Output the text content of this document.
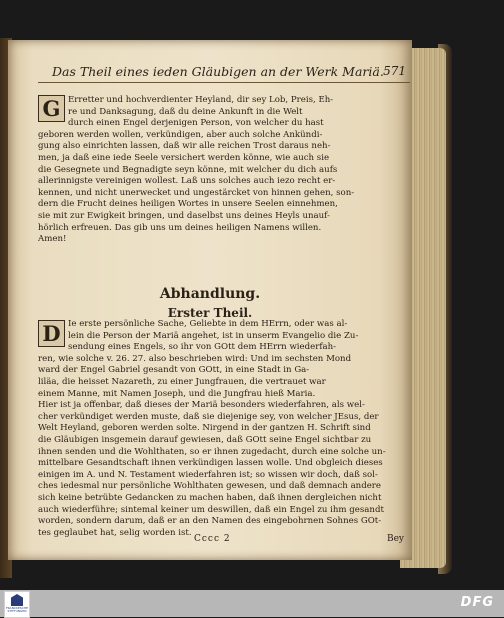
Das Theil eines ieden Gläubigen an der Werk Mariä. 571
G Erretter und hochverdienter Heyland, dir sey Lob, Preis, Eh-
re und Danksagung, daß du deine Ankunft in die Welt
durch einen Engel derjenigen Person, von welcher du hast
geboren werden wollen, verkündigen, aber auch solche Ankündi-
gung also einrichten lassen, daß wir alle reichen Trost daraus neh-
men, ja daß eine iede Seele versichert werden könne, wie auch sie
die Gesegnete und Begnadigte seyn könne, mit welcher du dich aufs
allerinnigste vereinigen wollest. Laß uns solches auch iezo recht er-
kennen, und nicht unerwecket und ungestärcket von hinnen gehen, son-
dern die Frucht deines heiligen Wortes in unsere Seelen einnehmen,
sie mit zur Ewigkeit bringen, und daselbst uns deines Heyls unauf-
hörlich erfreuen. Das gib uns um deines heiligen Namens willen.
Amen!
Abhandlung.
Erster Theil.
D Ie erste persönliche Sache, Geliebte in dem HErrn, oder was al-
lein die Person der Mariä angehet, ist in unserm Evangelio die Zu-
sendung eines Engels, so ihr von GOtt dem HErrn wiederfah-
ren, wie solche v. 26. 27. also beschrieben wird: Und im sechsten Mond
ward der Engel Gabriel gesandt von GOtt, in eine Stadt in Ga-
liläa, die heisset Nazareth, zu einer Jungfrauen, die vertrauet war
einem Manne, mit Namen Joseph, und die Jungfrau hieß Maria.
Hier ist ja offenbar, daß dieses der Mariä besonders wiederfahren, als wel-
cher verkündiget werden muste, daß sie diejenige sey, von welcher JEsus, der
Welt Heyland, geboren werden solte. Nirgend in der gantzen H. Schrift sind
die Gläubigen insgemein darauf gewiesen, daß GOtt seine Engel sichtbar zu
ihnen senden und die Wohlthaten, so er ihnen zugedacht, durch eine solche un-
mittelbare Gesandtschaft ihnen verkündigen lassen wolle. Und obgleich dieses
einigen im A. und N. Testament wiederfahren ist; so wissen wir doch, daß sol-
ches iedesmal nur persönliche Wohlthaten gewesen, und daß demnach andere
sich keine betrübte Gedancken zu machen haben, daß ihnen dergleichen nicht
auch wiederführe; sintemal keiner um deswillen, daß ein Engel zu ihm gesandt
worden, sondern darum, daß er an den Namen des eingebohrnen Sohnes GOt-
tes geglaubet hat, selig worden ist.
Cccc 2	Bey
FRANCKESCHE STIFTUNGEN
DFG
